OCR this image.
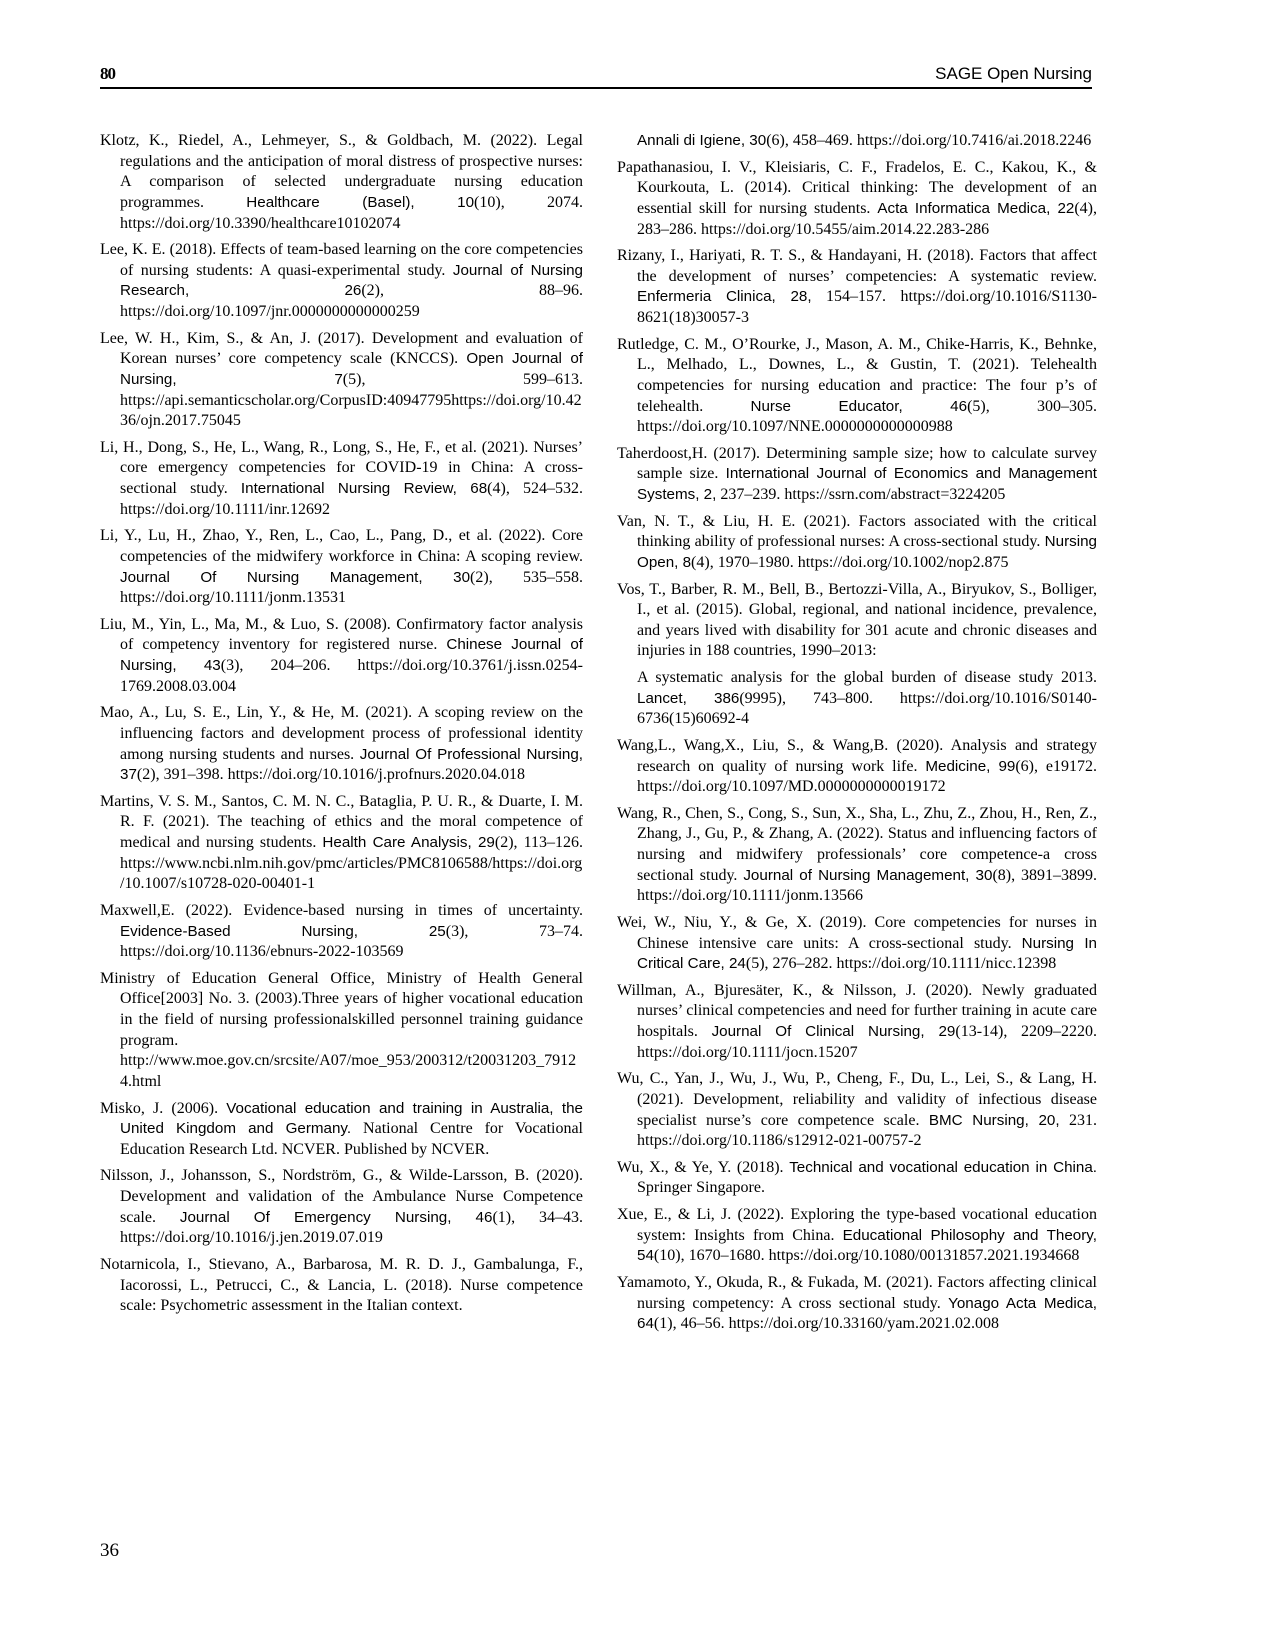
80	SAGE Open Nursing

Klotz, K., Riedel, A., Lehmeyer, S., & Goldbach, M. (2022). Legal regulations and the anticipation of moral distress of prospective nurses: A comparison of selected undergraduate nursing education programmes. Healthcare (Basel), 10(10), 2074. https://doi.org/10.3390/healthcare10102074

Lee, K. E. (2018). Effects of team-based learning on the core competencies of nursing students: A quasi-experimental study. Journal of Nursing Research, 26(2), 88–96. https://doi.org/10.1097/jnr.0000000000000259

Lee, W. H., Kim, S., & An, J. (2017). Development and evaluation of Korean nurses’ core competency scale (KNCCS). Open Journal of Nursing, 7(5), 599–613. https://api.semanticscholar.org/CorpusID:40947795https://doi.org/10.4236/ojn.2017.75045

Li, H., Dong, S., He, L., Wang, R., Long, S., He, F., et al. (2021). Nurses’ core emergency competencies for COVID-19 in China: A cross-sectional study. International Nursing Review, 68(4), 524–532. https://doi.org/10.1111/inr.12692

Li, Y., Lu, H., Zhao, Y., Ren, L., Cao, L., Pang, D., et al. (2022). Core competencies of the midwifery workforce in China: A scoping review. Journal Of Nursing Management, 30(2), 535–558. https://doi.org/10.1111/jonm.13531

Liu, M., Yin, L., Ma, M., & Luo, S. (2008). Confirmatory factor analysis of competency inventory for registered nurse. Chinese Journal of Nursing, 43(3), 204–206. https://doi.org/10.3761/j.issn.0254-1769.2008.03.004

Mao, A., Lu, S. E., Lin, Y., & He, M. (2021). A scoping review on the influencing factors and development process of professional identity among nursing students and nurses. Journal Of Professional Nursing, 37(2), 391–398. https://doi.org/10.1016/j.profnurs.2020.04.018

Martins, V. S. M., Santos, C. M. N. C., Bataglia, P. U. R., & Duarte, I. M. R. F. (2021). The teaching of ethics and the moral competence of medical and nursing students. Health Care Analysis, 29(2), 113–126. https://www.ncbi.nlm.nih.gov/pmc/articles/PMC8106588/https://doi.org/10.1007/s10728-020-00401-1

Maxwell,E. (2022). Evidence-based nursing in times of uncertainty. Evidence-Based Nursing, 25(3), 73–74. https://doi.org/10.1136/ebnurs-2022-103569

Ministry of Education General Office, Ministry of Health General Office[2003] No. 3. (2003).Three years of higher vocational education in the field of nursing professionalskilled personnel training guidance program. http://www.moe.gov.cn/srcsite/A07/moe_953/200312/t20031203_79124.html

Misko, J. (2006). Vocational education and training in Australia, the United Kingdom and Germany. National Centre for Vocational Education Research Ltd. NCVER. Published by NCVER.

Nilsson, J., Johansson, S., Nordström, G., & Wilde-Larsson, B. (2020). Development and validation of the Ambulance Nurse Competence scale. Journal Of Emergency Nursing, 46(1), 34–43. https://doi.org/10.1016/j.jen.2019.07.019

Notarnicola, I., Stievano, A., Barbarosa, M. R. D. J., Gambalunga, F., Iacorossi, L., Petrucci, C., & Lancia, L. (2018). Nurse competence scale: Psychometric assessment in the Italian context.

Annali di Igiene, 30(6), 458–469. https://doi.org/10.7416/ai.2018.2246

Papathanasiou, I. V., Kleisiaris, C. F., Fradelos, E. C., Kakou, K., & Kourkouta, L. (2014). Critical thinking: The development of an essential skill for nursing students. Acta Informatica Medica, 22(4), 283–286. https://doi.org/10.5455/aim.2014.22.283-286

Rizany, I., Hariyati, R. T. S., & Handayani, H. (2018). Factors that affect the development of nurses’ competencies: A systematic review. Enfermeria Clinica, 28, 154–157. https://doi.org/10.1016/S1130-8621(18)30057-3

Rutledge, C. M., O’Rourke, J., Mason, A. M., Chike-Harris, K., Behnke, L., Melhado, L., Downes, L., & Gustin, T. (2021). Telehealth competencies for nursing education and practice: The four p’s of telehealth. Nurse Educator, 46(5), 300–305. https://doi.org/10.1097/NNE.0000000000000988

Taherdoost,H. (2017). Determining sample size; how to calculate survey sample size. International Journal of Economics and Management Systems, 2, 237–239. https://ssrn.com/abstract=3224205

Van, N. T., & Liu, H. E. (2021). Factors associated with the critical thinking ability of professional nurses: A cross-sectional study. Nursing Open, 8(4), 1970–1980. https://doi.org/10.1002/nop2.875

Vos, T., Barber, R. M., Bell, B., Bertozzi-Villa, A., Biryukov, S., Bolliger, I., et al. (2015). Global, regional, and national incidence, prevalence, and years lived with disability for 301 acute and chronic diseases and injuries in 188 countries, 1990–2013:

A systematic analysis for the global burden of disease study 2013. Lancet, 386(9995), 743–800. https://doi.org/10.1016/S0140-6736(15)60692-4

Wang,L., Wang,X., Liu, S., & Wang,B. (2020). Analysis and strategy research on quality of nursing work life. Medicine, 99(6), e19172. https://doi.org/10.1097/MD.0000000000019172

Wang, R., Chen, S., Cong, S., Sun, X., Sha, L., Zhu, Z., Zhou, H., Ren, Z., Zhang, J., Gu, P., & Zhang, A. (2022). Status and influencing factors of nursing and midwifery professionals’ core competence-a cross sectional study. Journal of Nursing Management, 30(8), 3891–3899. https://doi.org/10.1111/jonm.13566

Wei, W., Niu, Y., & Ge, X. (2019). Core competencies for nurses in Chinese intensive care units: A cross-sectional study. Nursing In Critical Care, 24(5), 276–282. https://doi.org/10.1111/nicc.12398

Willman, A., Bjuresäter, K., & Nilsson, J. (2020). Newly graduated nurses’ clinical competencies and need for further training in acute care hospitals. Journal Of Clinical Nursing, 29(13-14), 2209–2220. https://doi.org/10.1111/jocn.15207

Wu, C., Yan, J., Wu, J., Wu, P., Cheng, F., Du, L., Lei, S., & Lang, H. (2021). Development, reliability and validity of infectious disease specialist nurse’s core competence scale. BMC Nursing, 20, 231. https://doi.org/10.1186/s12912-021-00757-2

Wu, X., & Ye, Y. (2018). Technical and vocational education in China. Springer Singapore.

Xue, E., & Li, J. (2022). Exploring the type-based vocational education system: Insights from China. Educational Philosophy and Theory, 54(10), 1670–1680. https://doi.org/10.1080/00131857.2021.1934668

Yamamoto, Y., Okuda, R., & Fukada, M. (2021). Factors affecting clinical nursing competency: A cross sectional study. Yonago Acta Medica, 64(1), 46–56. https://doi.org/10.33160/yam.2021.02.008

36
